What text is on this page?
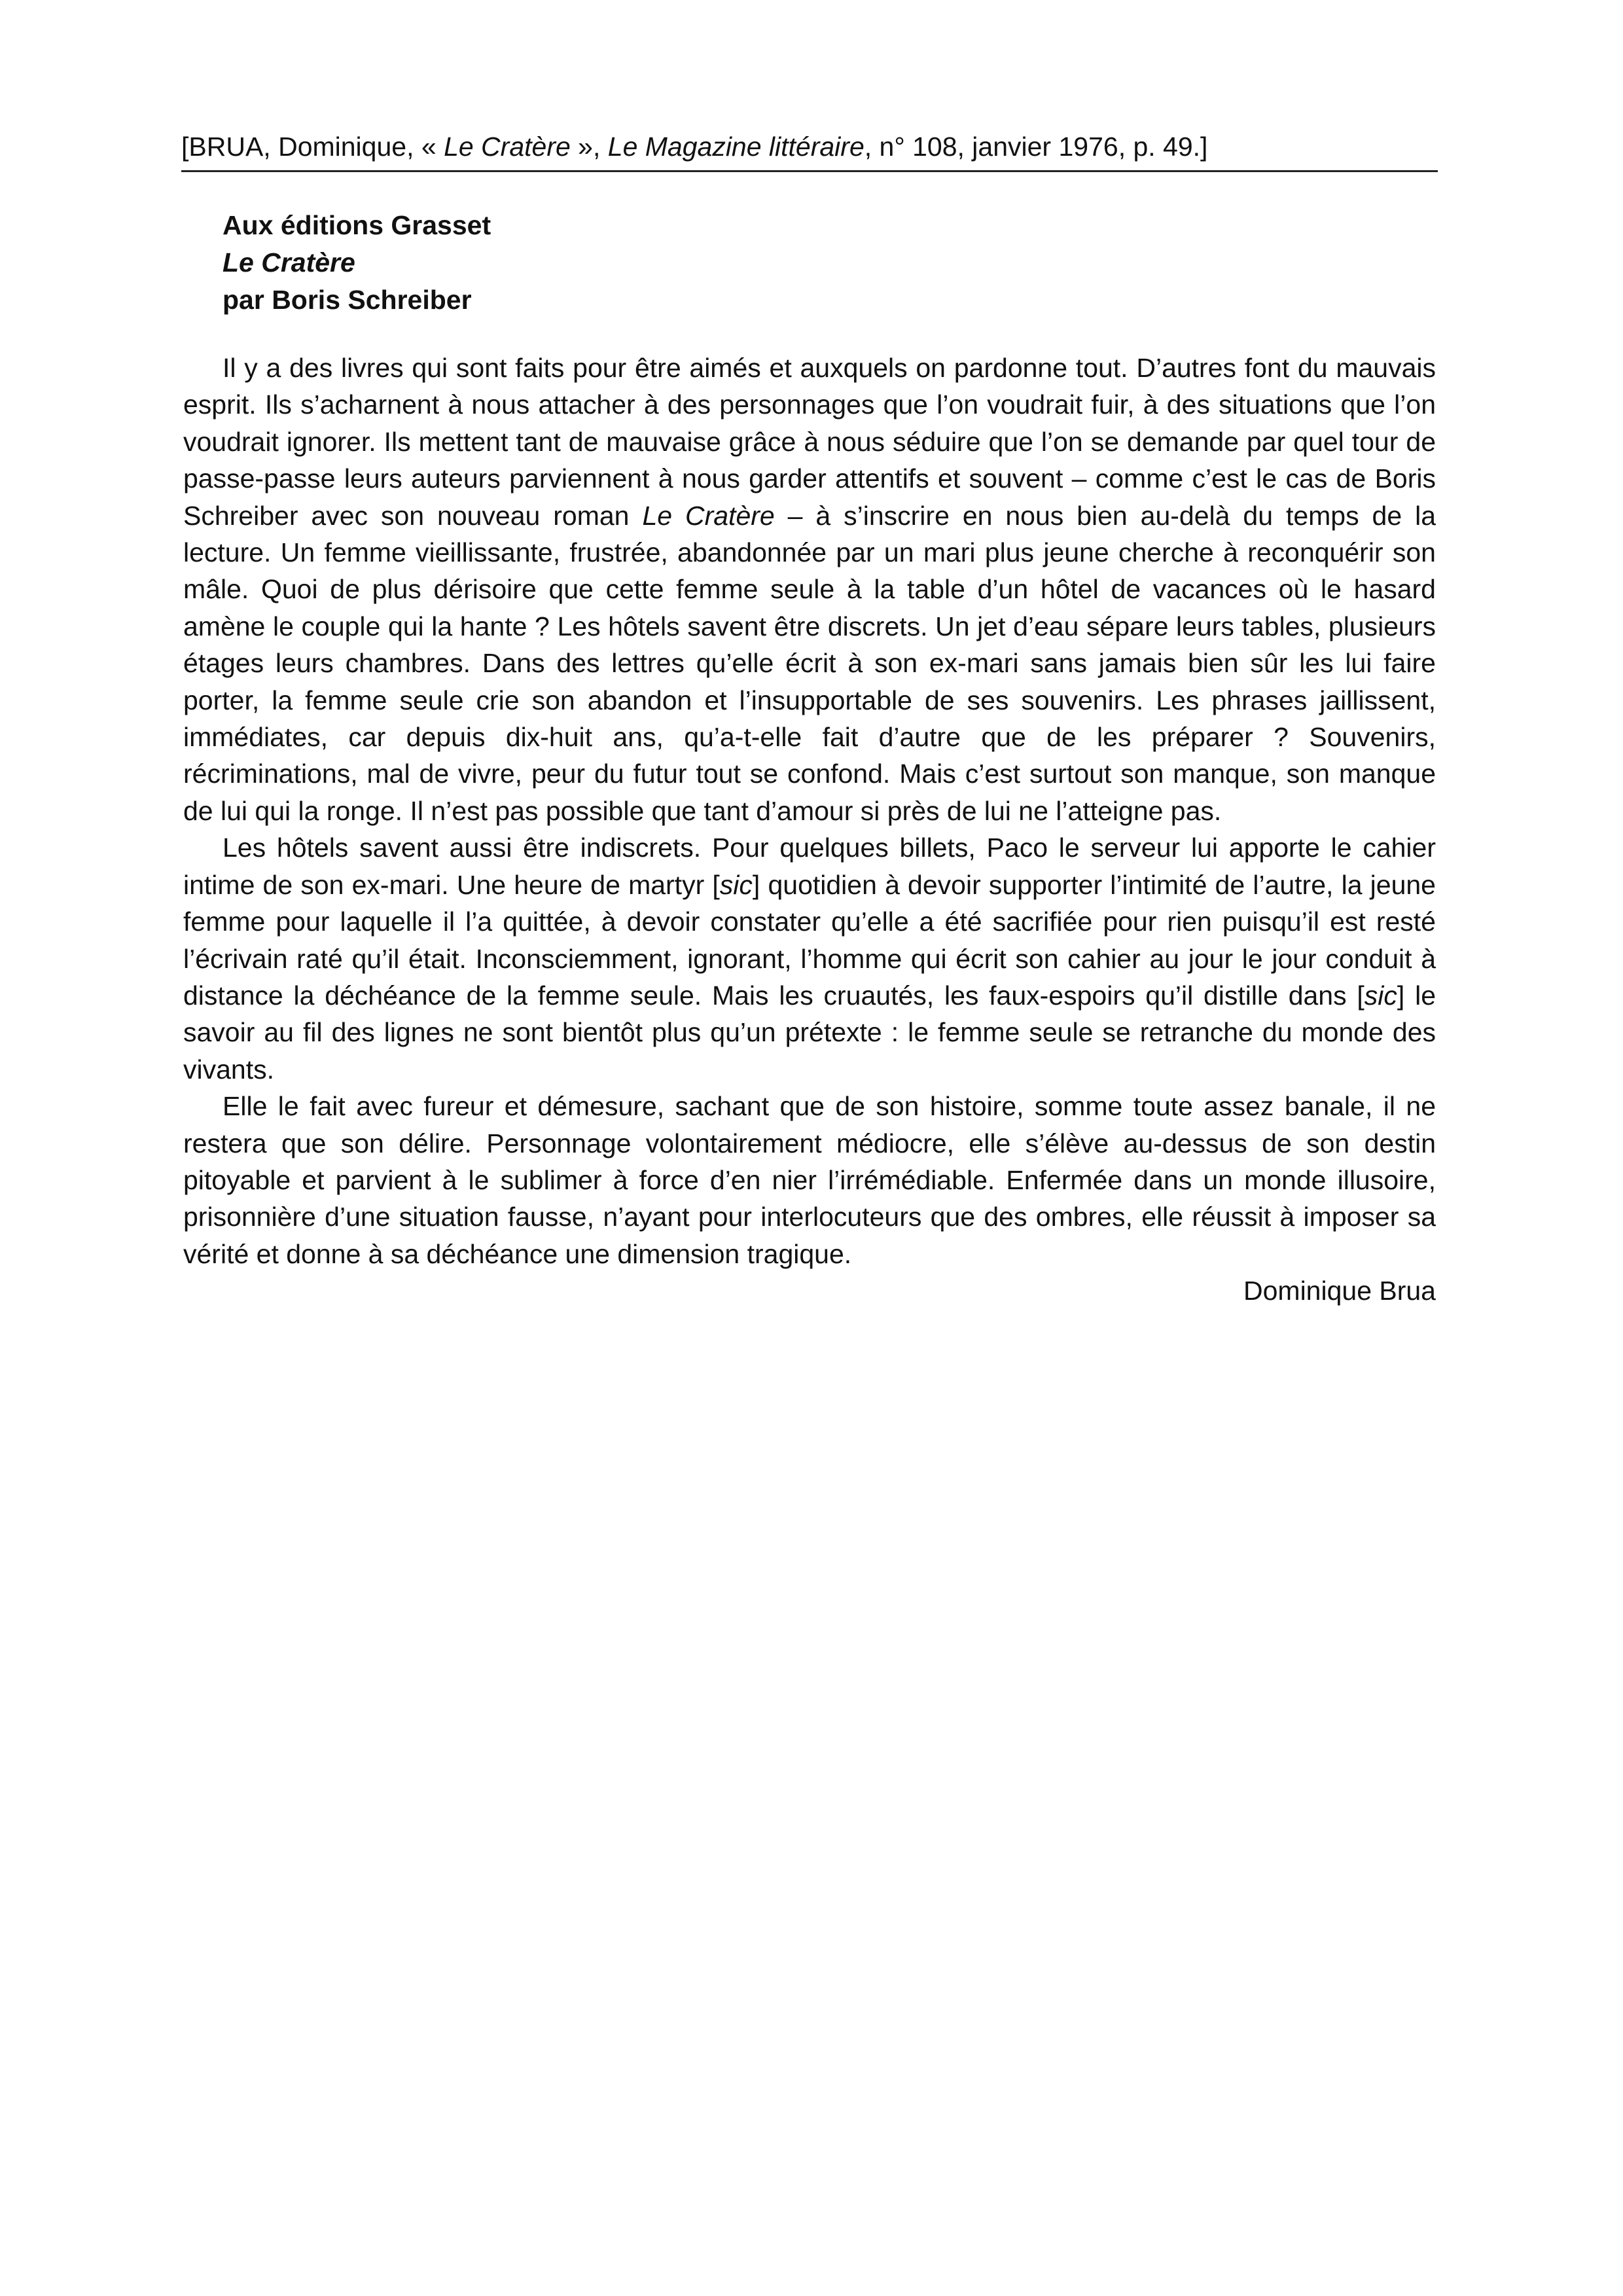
[BRUA, Dominique, « Le Cratère », Le Magazine littéraire, n° 108, janvier 1976, p. 49.]
Aux éditions Grasset
Le Cratère
par Boris Schreiber

Il y a des livres qui sont faits pour être aimés et auxquels on pardonne tout. D’autres font du mauvais esprit. Ils s’acharnent à nous attacher à des personnages que l’on voudrait fuir, à des situations que l’on voudrait ignorer. Ils mettent tant de mauvaise grâce à nous séduire que l’on se demande par quel tour de passe-passe leurs auteurs parviennent à nous garder attentifs et souvent – comme c’est le cas de Boris Schreiber avec son nouveau roman Le Cratère – à s’inscrire en nous bien au-delà du temps de la lecture. Un femme vieillissante, frustrée, abandonnée par un mari plus jeune cherche à reconquérir son mâle. Quoi de plus dérisoire que cette femme seule à la table d’un hôtel de vacances où le hasard amène le couple qui la hante ? Les hôtels savent être discrets. Un jet d’eau sépare leurs tables, plusieurs étages leurs chambres. Dans des lettres qu’elle écrit à son ex-mari sans jamais bien sûr les lui faire porter, la femme seule crie son abandon et l’insupportable de ses souvenirs. Les phrases jaillissent, immédiates, car depuis dix-huit ans, qu’a-t-elle fait d’autre que de les préparer ? Souvenirs, récriminations, mal de vivre, peur du futur tout se confond. Mais c’est surtout son manque, son manque de lui qui la ronge. Il n’est pas possible que tant d’amour si près de lui ne l’atteigne pas.

Les hôtels savent aussi être indiscrets. Pour quelques billets, Paco le serveur lui apporte le cahier intime de son ex-mari. Une heure de martyr [sic] quotidien à devoir supporter l’intimité de l’autre, la jeune femme pour laquelle il l’a quittée, à devoir constater qu’elle a été sacrifiée pour rien puisqu’il est resté l’écrivain raté qu’il était. Inconsciemment, ignorant, l’homme qui écrit son cahier au jour le jour conduit à distance la déchéance de la femme seule. Mais les cruautés, les faux-espoirs qu’il distille dans [sic] le savoir au fil des lignes ne sont bientôt plus qu’un prétexte : le femme seule se retranche du monde des vivants.

Elle le fait avec fureur et démesure, sachant que de son histoire, somme toute assez banale, il ne restera que son délire. Personnage volontairement médiocre, elle s’élève au-dessus de son destin pitoyable et parvient à le sublimer à force d’en nier l’irrémédiable. Enfermée dans un monde illusoire, prisonnière d’une situation fausse, n’ayant pour interlocuteurs que des ombres, elle réussit à imposer sa vérité et donne à sa déchéance une dimension tragique.

Dominique Brua
